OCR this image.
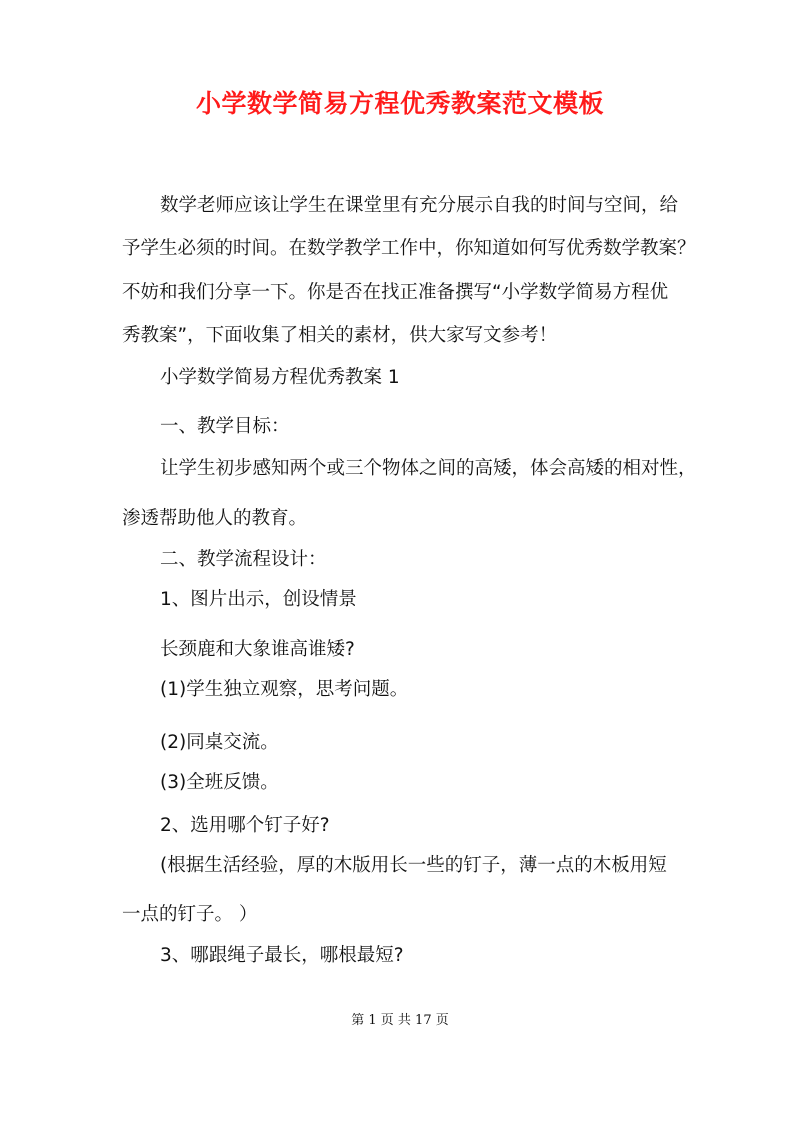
小学数学简易方程优秀教案范文模板

数学老师应该让学生在课堂里有充分展示自我的时间与空间，给

予学生必须的时间。在数学教学工作中，你知道如何写优秀数学教案？

不妨和我们分享一下。你是否在找正准备撰写“小学数学简易方程优

秀教案”，下面收集了相关的素材，供大家写文参考！

小学数学简易方程优秀教案 1

一、教学目标：

让学生初步感知两个或三个物体之间的高矮，体会高矮的相对性，

渗透帮助他人的教育。

二、教学流程设计：

1、图片出示，创设情景

长颈鹿和大象谁高谁矮?

(1)学生独立观察，思考问题。

(2)同桌交流。

(3)全班反馈。

2、选用哪个钉子好?

(根据生活经验，厚的木版用长一些的钉子，薄一点的木板用短

一点的钉子。 ）

3、哪跟绳子最长，哪根最短?

第 1 页 共 17 页
